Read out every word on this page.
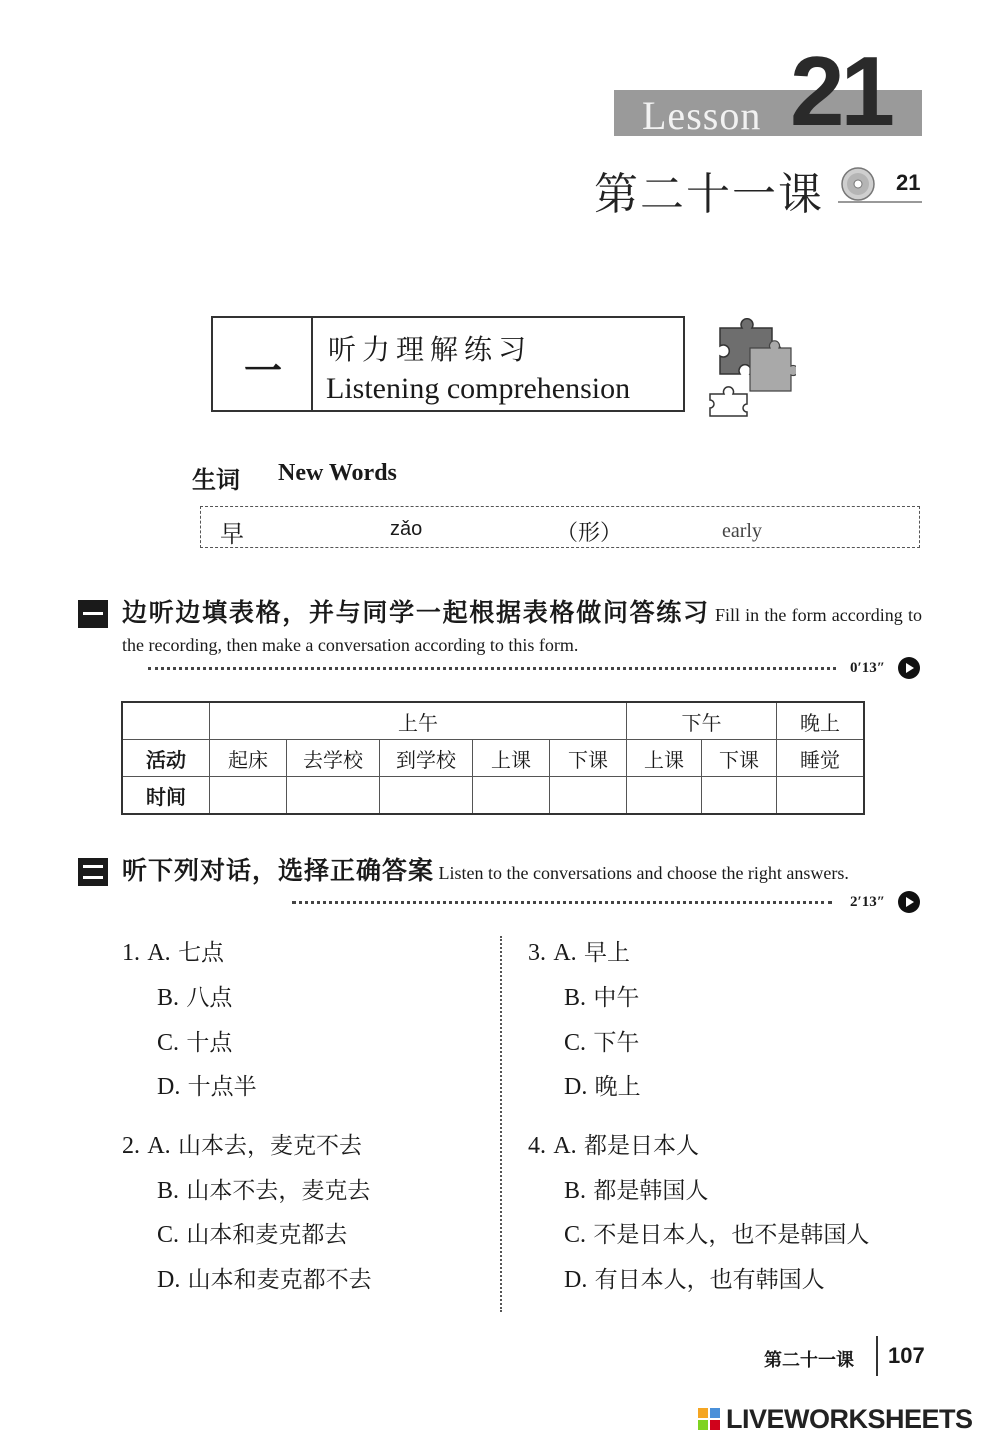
Lesson 21
第二十一课	21
一 听力理解练习
Listening comprehension
生词 New Words
早	zǎo	（形）	early
边听边填表格，并与同学一起根据表格做问答练习 Fill in the form according to the recording, then make a conversation according to this form.
0′13″
	上午					下午		晚上
活动	起床	去学校	到学校	上课	下课	上课	下课	睡觉
时间								
听下列对话，选择正确答案 Listen to the conversations and choose the right answers.
2′13″
1. A. 七点
B. 八点
C. 十点
D. 十点半
2. A. 山本去，麦克不去
B. 山本不去，麦克去
C. 山本和麦克都去
D. 山本和麦克都不去
3. A. 早上
B. 中午
C. 下午
D. 晚上
4. A. 都是日本人
B. 都是韩国人
C. 不是日本人，也不是韩国人
D. 有日本人，也有韩国人
第二十一课 107
LIVEWORKSHEETS
